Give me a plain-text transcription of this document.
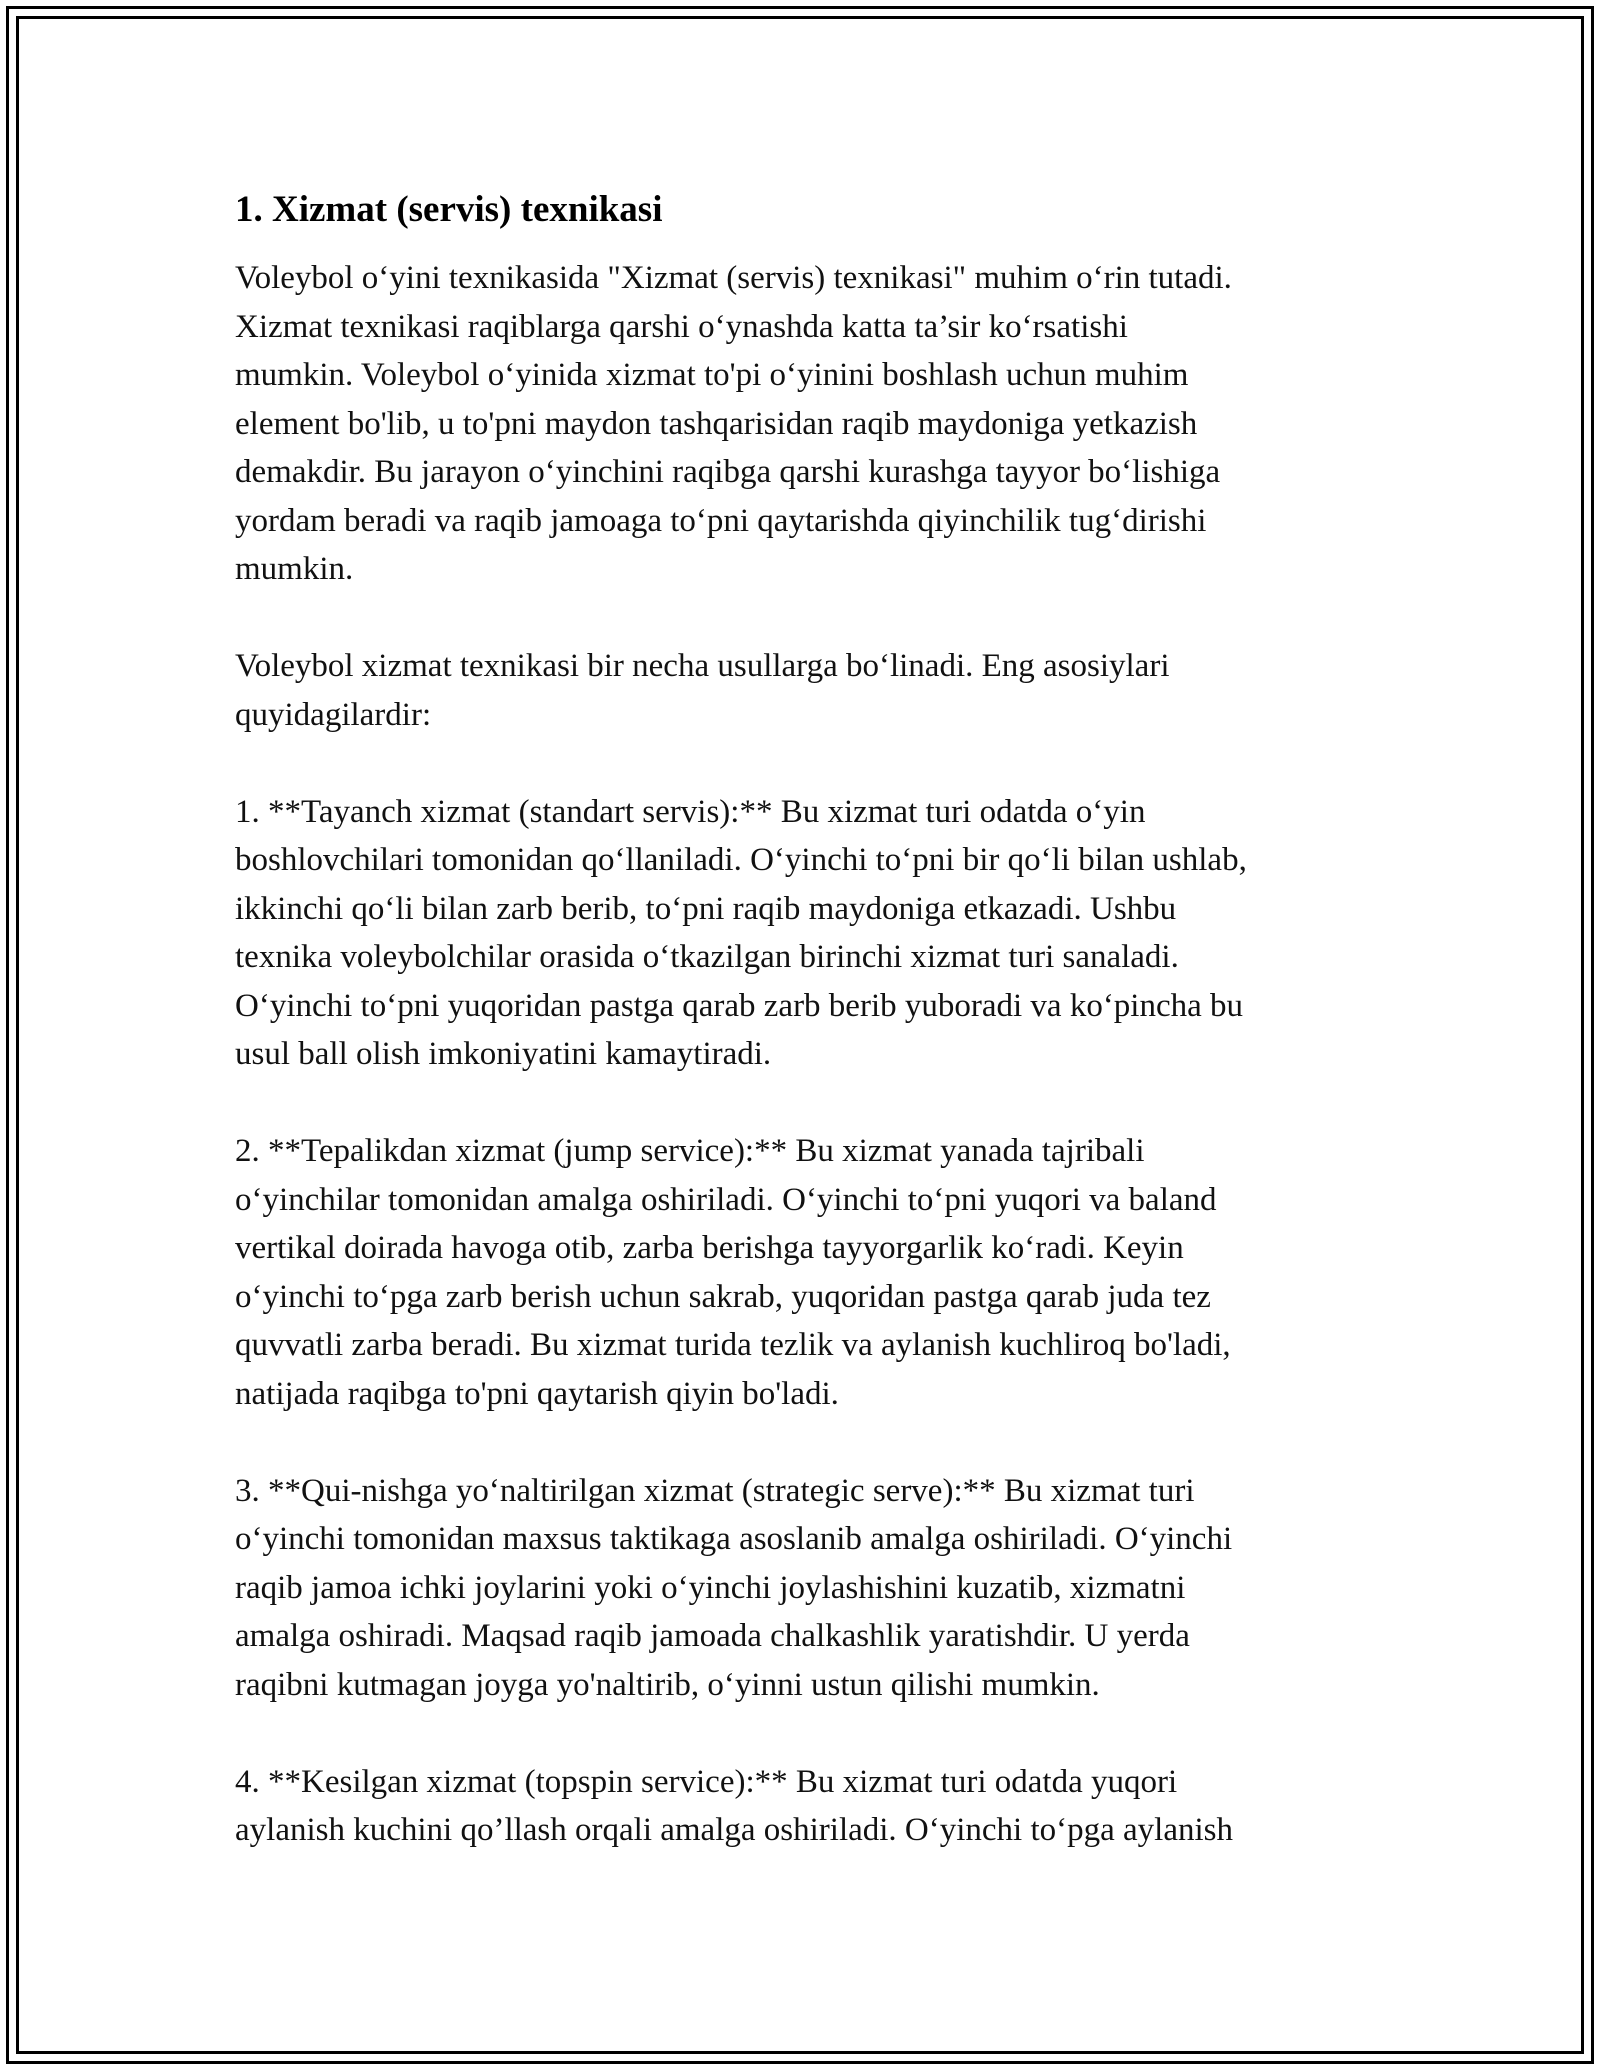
1. Xizmat (servis) texnikasi
Voleybol o‘yini texnikasida "Xizmat (servis) texnikasi" muhim o‘rin tutadi.
Xizmat texnikasi raqiblarga qarshi o‘ynashda katta ta’sir ko‘rsatishi
mumkin. Voleybol o‘yinida xizmat to'pi o‘yinini boshlash uchun muhim
element bo'lib, u to'pni maydon tashqarisidan raqib maydoniga yetkazish
demakdir. Bu jarayon o‘yinchini raqibga qarshi kurashga tayyor bo‘lishiga
yordam beradi va raqib jamoaga to‘pni qaytarishda qiyinchilik tug‘dirishi
mumkin.
Voleybol xizmat texnikasi bir necha usullarga bo‘linadi. Eng asosiylari
quyidagilardir:
1. **Tayanch xizmat (standart servis):** Bu xizmat turi odatda o‘yin
boshlovchilari tomonidan qo‘llaniladi. O‘yinchi to‘pni bir qo‘li bilan ushlab,
ikkinchi qo‘li bilan zarb berib, to‘pni raqib maydoniga etkazadi. Ushbu
texnika voleybolchilar orasida o‘tkazilgan birinchi xizmat turi sanaladi.
O‘yinchi to‘pni yuqoridan pastga qarab zarb berib yuboradi va ko‘pincha bu
usul ball olish imkoniyatini kamaytiradi.
2. **Tepalikdan xizmat (jump service):** Bu xizmat yanada tajribali
o‘yinchilar tomonidan amalga oshiriladi. O‘yinchi to‘pni yuqori va baland
vertikal doirada havoga otib, zarba berishga tayyorgarlik ko‘radi. Keyin
o‘yinchi to‘pga zarb berish uchun sakrab, yuqoridan pastga qarab juda tez
quvvatli zarba beradi. Bu xizmat turida tezlik va aylanish kuchliroq bo'ladi,
natijada raqibga to'pni qaytarish qiyin bo'ladi.
3. **Qui-nishga yo‘naltirilgan xizmat (strategic serve):** Bu xizmat turi
o‘yinchi tomonidan maxsus taktikaga asoslanib amalga oshiriladi. O‘yinchi
raqib jamoa ichki joylarini yoki o‘yinchi joylashishini kuzatib, xizmatni
amalga oshiradi. Maqsad raqib jamoada chalkashlik yaratishdir. U yerda
raqibni kutmagan joyga yo'naltirib, o‘yinni ustun qilishi mumkin.
4. **Kesilgan xizmat (topspin service):** Bu xizmat turi odatda yuqori
aylanish kuchini qo’llash orqali amalga oshiriladi. O‘yinchi to‘pga aylanish
